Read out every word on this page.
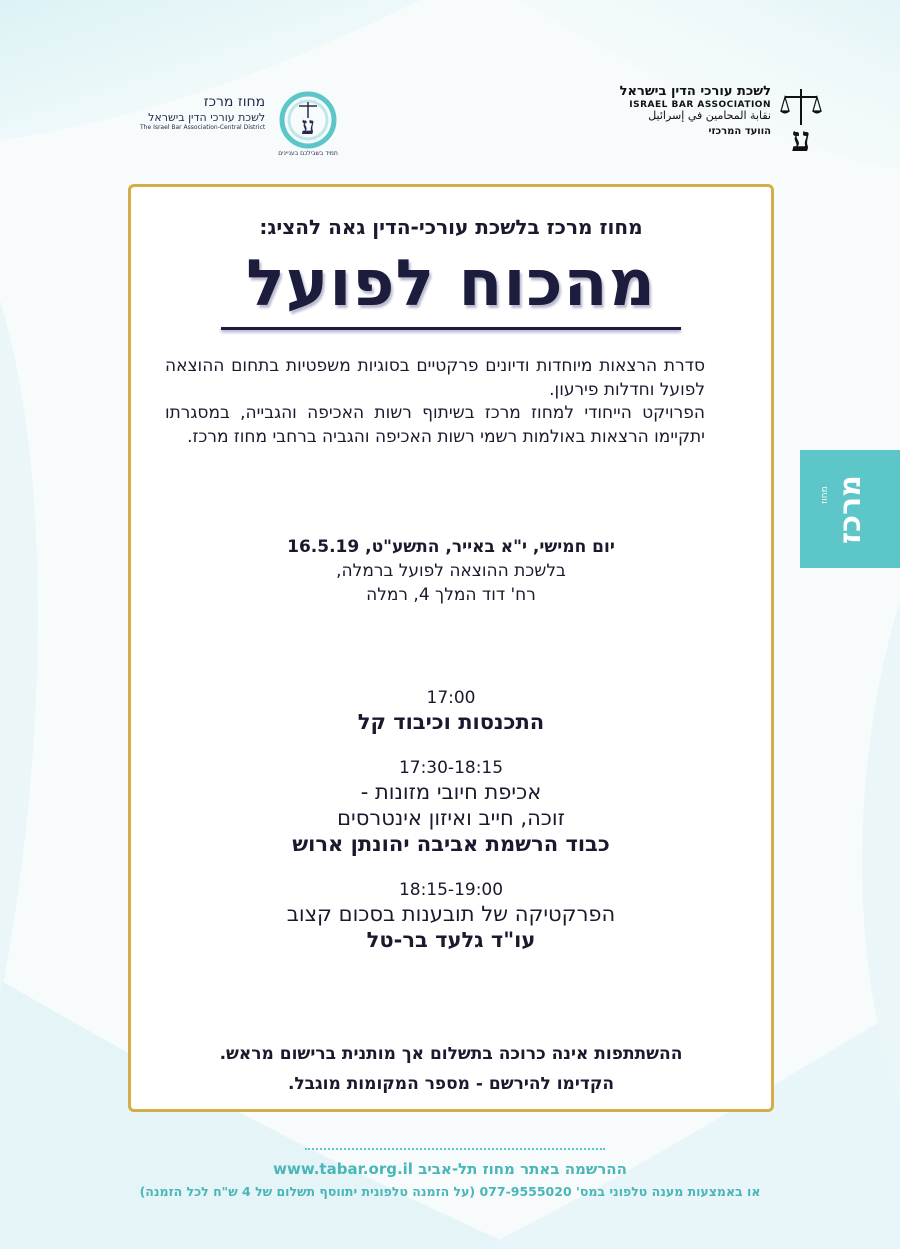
ע
לשכת עורכי הדין בישראל
ISRAEL BAR ASSOCIATION
نقابة المحامين في إسرائيل
הוועד המרכזי
מחוז מרכז
לשכת עורכי הדין בישראל
The Israel Bar Association-Central District ע
תמיד בשבילכם בעניינים
מרכז
מחוז
מחוז מרכז בלשכת עורכי-הדין גאה להציג:
מהכוח לפועל

סדרת הרצאות מיוחדות ודיונים פרקטיים בסוגיות משפטיות בתחום ההוצאה לפועל וחדלות פירעון.

הפרויקט הייחודי למחוז מרכז בשיתוף רשות האכיפה והגבייה, במסגרתו יתקיימו הרצאות באולמות רשמי רשות האכיפה והגביה ברחבי מחוז מרכז.

יום חמישי, י"א באייר, התשע"ט, 16.5.19
בלשכת ההוצאה לפועל ברמלה,
רח' דוד המלך 4, רמלה
17:00
התכנסות וכיבוד קל
17:30-18:15
אכיפת חיובי מזונות -
זוכה, חייב ואיזון אינטרסים
כבוד הרשמת אביבה יהונתן ארוש
18:15-19:00
הפרקטיקה של תובענות בסכום קצוב
עו"ד גלעד בר-טל
ההשתתפות אינה כרוכה בתשלום אך מותנית ברישום מראש.
הקדימו להירשם - מספר המקומות מוגבל.
ההרשמה באתר מחוז תל-אביב www.tabar.org.il
או באמצעות מענה טלפוני במס' 077-9555020 (על הזמנה טלפונית יתווסף תשלום של 4 ש"ח לכל הזמנה)
